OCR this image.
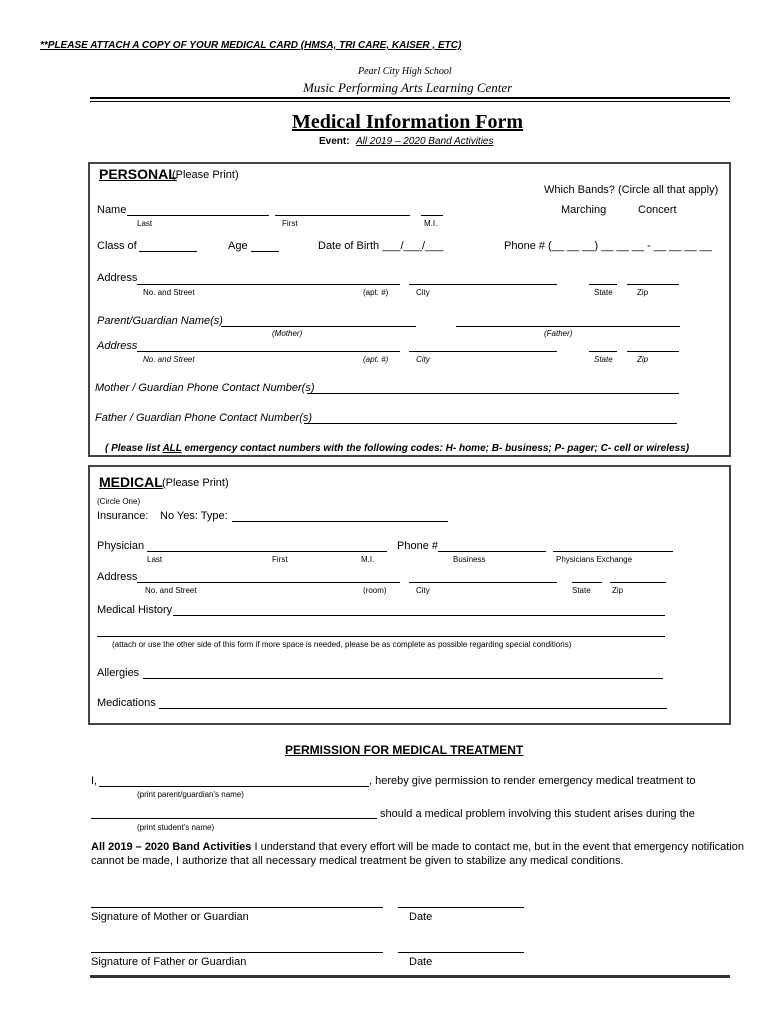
**PLEASE ATTACH A COPY OF YOUR MEDICAL CARD (HMSA, TRI CARE, KAISER , ETC)
Pearl City High School
Music Performing Arts Learning Center
Medical Information Form
Event: All 2019 – 2020 Band Activities
PERSONAL
(Please Print)
Which Bands? (Circle all that apply)
Marching	Concert
Name
Last	First	M.I.
Class of	Age	Date of Birth ___/___/___	Phone # (__ __ __) __ __ __ - __ __ __ __
Address
No. and Street	(apt. #)	City	State	Zip
Parent/Guardian Name(s)
(Mother)	(Father)
Address
No. and Street	(apt. #)	City	State	Zip
Mother / Guardian Phone Contact Number(s)
Father / Guardian Phone Contact Number(s)
( Please list ALL emergency contact numbers with the following codes: H- home; B- business; P- pager; C- cell or wireless)
MEDICAL (Please Print)
(Circle One)
Insurance: No Yes: Type:
Physician	Phone #
Last	First	M.I.	Business	Physicians Exchange
Address
No. and Street	(room)	City	State	Zip
Medical History
(attach or use the other side of this form if more space is needed, please be as complete as possible regarding special conditions)
Allergies
Medications
PERMISSION FOR MEDICAL TREATMENT
I,	, hereby give permission to render emergency medical treatment to
(print parent/guardian's name)
should a medical problem involving this student arises during the
(print student's name)
All 2019 – 2020 Band Activities I understand that every effort will be made to contact me, but in the event that emergency notification
cannot be made, I authorize that all necessary medical treatment be given to stabilize any medical conditions.
Signature of Mother or Guardian	Date
Signature of Father or Guardian	Date
